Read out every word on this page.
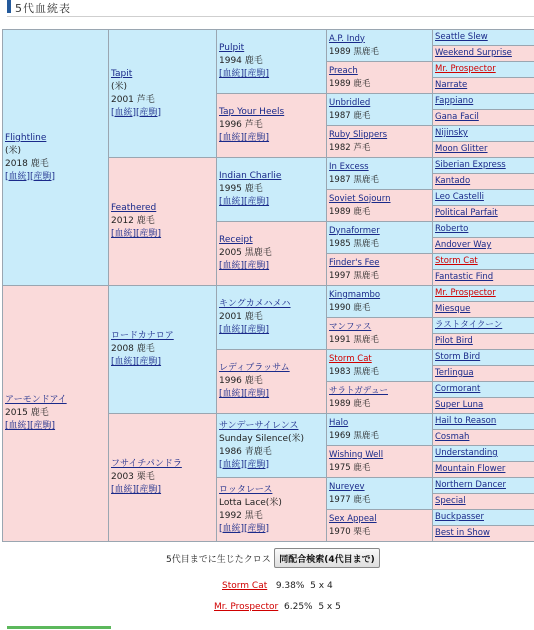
5代血統表
Flightline
(米)
2018 鹿毛
[血統][産駒]	Tapit
(米)
2001 芦毛
[血統][産駒]	Pulpit
1994 鹿毛
[血統][産駒]	A.P. Indy
1989 黒鹿毛	Seattle Slew
				Weekend Surprise
			Preach
1989 鹿毛	Mr. Prospector
				Narrate
		Tap Your Heels
1996 芦毛
[血統][産駒]	Unbridled
1987 鹿毛	Fappiano
				Gana Facil
			Ruby Slippers
1982 芦毛	Nijinsky
				Moon Glitter
	Feathered
2012 鹿毛
[血統][産駒]	Indian Charlie
1995 鹿毛
[血統][産駒]	In Excess
1987 黒鹿毛	Siberian Express
				Kantado
			Soviet Sojourn
1989 鹿毛	Leo Castelli
				Political Parfait
		Receipt
2005 黒鹿毛
[血統][産駒]	Dynaformer
1985 黒鹿毛	Roberto
				Andover Way
			Finder's Fee
1997 黒鹿毛	Storm Cat
				Fantastic Find
アーモンドアイ
2015 鹿毛
[血統][産駒]	ロードカナロア
2008 鹿毛
[血統][産駒]	キングカメハメハ
2001 鹿毛
[血統][産駒]	Kingmambo
1990 鹿毛	Mr. Prospector
				Miesque
			マンファス
1991 黒鹿毛	ラストタイクーン
				Pilot Bird
		レディブラッサム
1996 鹿毛
[血統][産駒]	Storm Cat
1983 黒鹿毛	Storm Bird
				Terlingua
			サラトガデュー
1989 鹿毛	Cormorant
				Super Luna
	フサイチパンドラ
2003 栗毛
[血統][産駒]	サンデーサイレンス
Sunday Silence(米)
1986 青鹿毛
[血統][産駒]	Halo
1969 黒鹿毛	Hail to Reason
				Cosmah
			Wishing Well
1975 鹿毛	Understanding
				Mountain Flower
		ロッタレース
Lotta Lace(米)
1992 黒毛
[血統][産駒]	Nureyev
1977 鹿毛	Northern Dancer
				Special
			Sex Appeal
1970 栗毛	Buckpasser
				Best in Show
5代目までに生じたクロス 同配合検索(4代目まで)
Storm Cat 9.38% 5 x 4
Mr. Prospector 6.25% 5 x 5
